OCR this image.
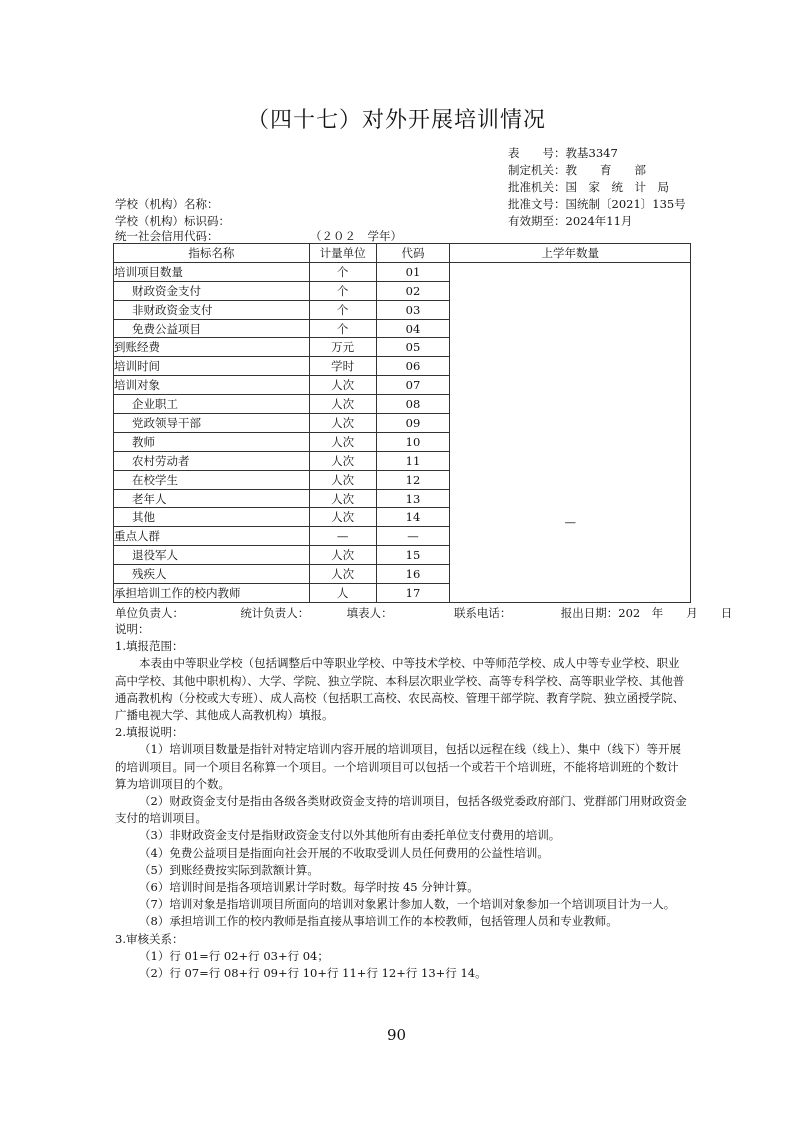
（四十七）对外开展培训情况
表　　号：教基3347
制定机关：教　　育　　部
批准机关：国　家　统　计　局
批准文号：国统制〔2021〕135号
有效期至：2024年11月
学校（机构）名称：
学校（机构）标识码：
统一社会信用代码：	（２０２　学年）
指标名称	计量单位	代码	上学年数量
培训项目数量	个	01	—
财政资金支付	个	02	
非财政资金支付	个	03	
免费公益项目	个	04	
到账经费	万元	05	
培训时间	学时	06	
培训对象	人次	07	
企业职工	人次	08	
党政领导干部	人次	09	
教师	人次	10	
农村劳动者	人次	11	
在校学生	人次	12	
老年人	人次	13	
其他	人次	14	
重点人群	—	—	
退役军人	人次	15	
残疾人	人次	16	
承担培训工作的校内教师	人	17	
单位负责人：	统计负责人：	填表人：	联系电话：	报出日期：202　年　　月　　日

说明：

1.填报范围：

本表由中等职业学校（包括调整后中等职业学校、中等技术学校、中等师范学校、成人中等专业学校、职业高中学校、其他中职机构）、大学、学院、独立学院、本科层次职业学校、高等专科学校、高等职业学校、其他普通高教机构（分校或大专班）、成人高校（包括职工高校、农民高校、管理干部学院、教育学院、独立函授学院、广播电视大学、其他成人高教机构）填报。

2.填报说明：

（1）培训项目数量是指针对特定培训内容开展的培训项目，包括以远程在线（线上）、集中（线下）等开展的培训项目。同一个项目名称算一个项目。一个培训项目可以包括一个或若干个培训班，不能将培训班的个数计算为培训项目的个数。

（2）财政资金支付是指由各级各类财政资金支持的培训项目，包括各级党委政府部门、党群部门用财政资金支付的培训项目。

（3）非财政资金支付是指财政资金支付以外其他所有由委托单位支付费用的培训。

（4）免费公益项目是指面向社会开展的不收取受训人员任何费用的公益性培训。

（5）到账经费按实际到款额计算。

（6）培训时间是指各项培训累计学时数。每学时按 45 分钟计算。

（7）培训对象是指培训项目所面向的培训对象累计参加人数，一个培训对象参加一个培训项目计为一人。

（8）承担培训工作的校内教师是指直接从事培训工作的本校教师，包括管理人员和专业教师。

3.审核关系：

（1）行 01=行 02+行 03+行 04；

（2）行 07=行 08+行 09+行 10+行 11+行 12+行 13+行 14。

90
